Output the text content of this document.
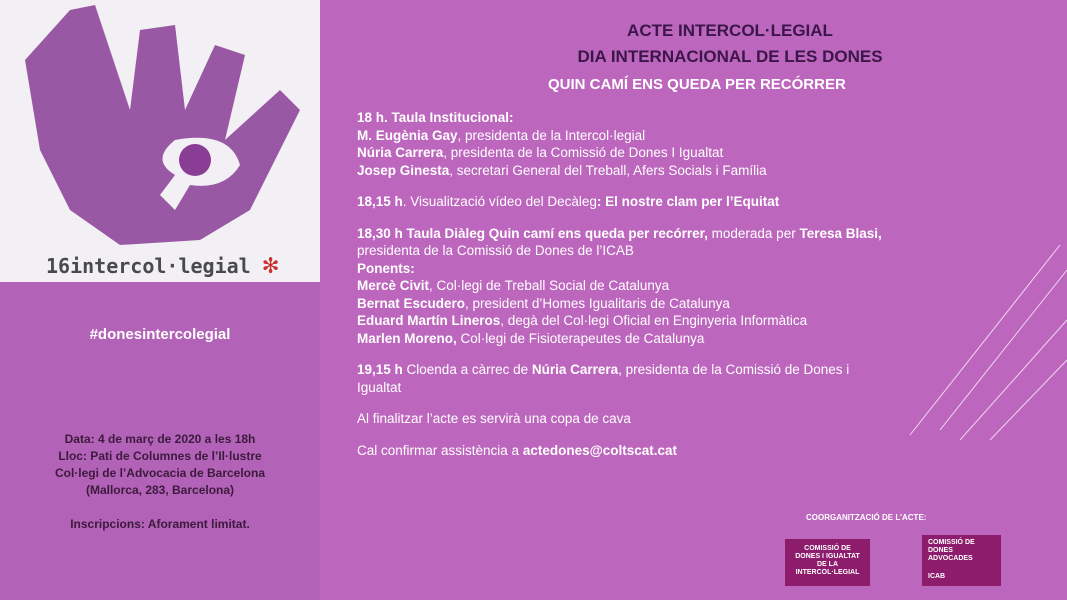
16intercol·legial ✻
#donesintercolegial
Data: 4 de març de 2020 a les 18h
Lloc: Pati de Columnes de l’Il·lustre
Col·legi de l’Advocacia de Barcelona
(Mallorca, 283, Barcelona)
Inscripcions: Aforament limitat.
ACTE INTERCOL·LEGIAL
DIA INTERNACIONAL DE LES DONES
QUIN CAMÍ ENS QUEDA PER RECÓRRER
18 h. Taula Institucional:
M. Eugènia Gay, presidenta de la Intercol·legial
Núria Carrera, presidenta de la Comissió de Dones I Igualtat
Josep Ginesta, secretari General del Treball, Afers Socials i Família
18,15 h. Visualització vídeo del Decàleg: El nostre clam per l’Equitat
18,30 h Taula Diàleg Quin camí ens queda per recórrer, moderada per Teresa Blasi,
presidenta de la Comissió de Dones de l’ICAB
Ponents:
Mercè Civit, Col·legi de Treball Social de Catalunya
Bernat Escudero, president d’Homes Igualitaris de Catalunya
Eduard Martín Lineros, degà del Col·legi Oficial en Enginyeria Informàtica
Marlen Moreno, Col·legi de Fisioterapeutes de Catalunya
19,15 h Cloenda a càrrec de Núria Carrera, presidenta de la Comissió de Dones i
Igualtat
Al finalitzar l’acte es servirà una copa de cava
Cal confirmar assistència a actedones@coltscat.cat
COORGANITZACIÓ DE L’ACTE:
COMISSIÓ DE
DONES I IGUALTAT
DE LA
INTERCOL·LEGIAL
COMISSIÓ DE
DONES
ADVOCADES
ICAB
